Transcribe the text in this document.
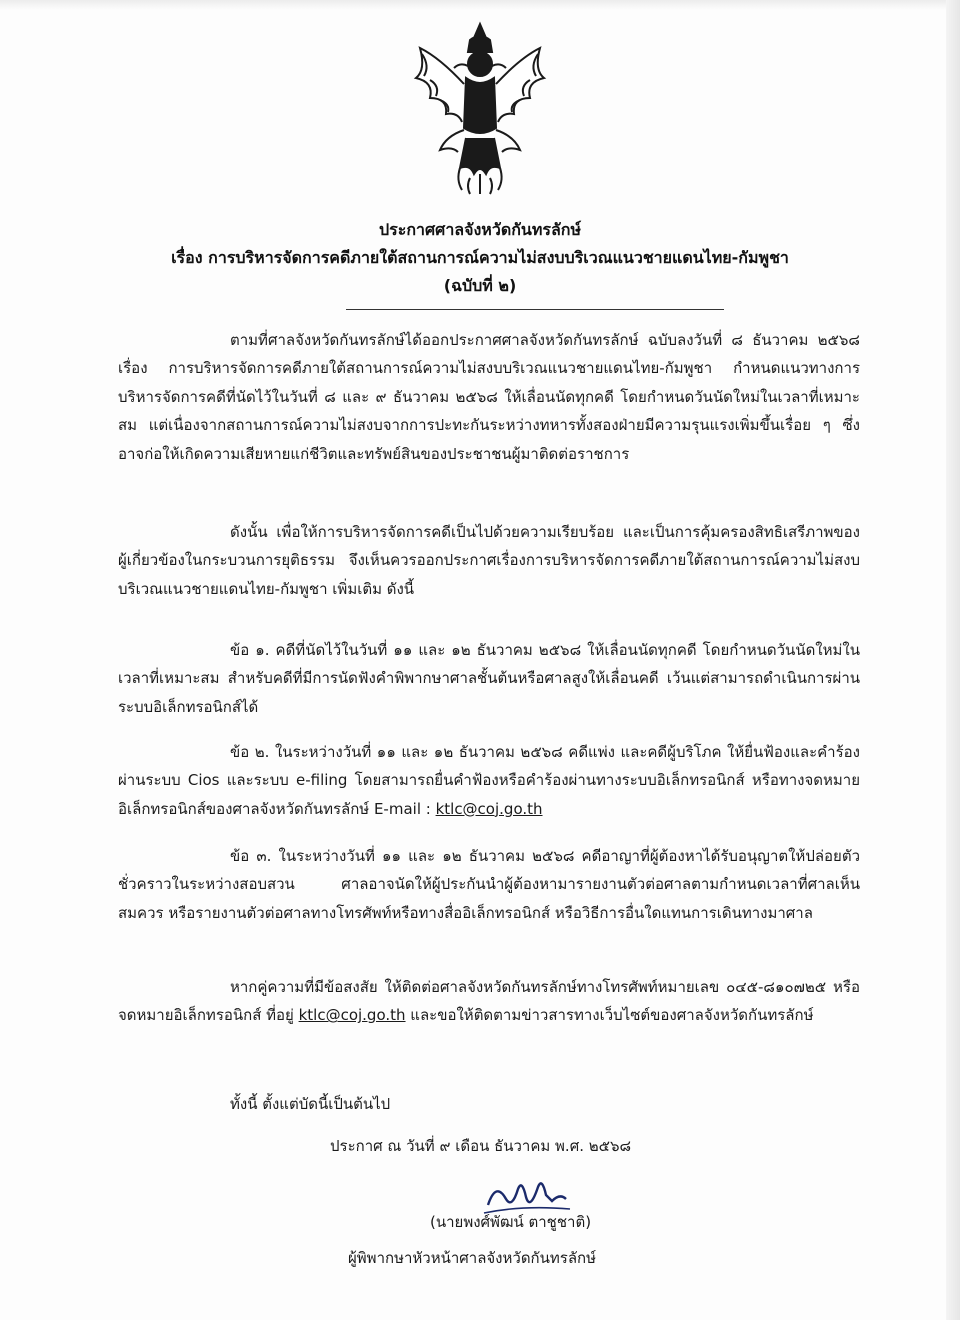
ประกาศศาลจังหวัดกันทรลักษ์
เรื่อง การบริหารจัดการคดีภายใต้สถานการณ์ความไม่สงบบริเวณแนวชายแดนไทย-กัมพูชา
(ฉบับที่ ๒)
ตามที่ศาลจังหวัดกันทรลักษ์ได้ออกประกาศศาลจังหวัดกันทรลักษ์ ฉบับลงวันที่ ๘ ธันวาคม ๒๕๖๘ เรื่อง การบริหารจัดการคดีภายใต้สถานการณ์ความไม่สงบบริเวณแนวชายแดนไทย-กัมพูชา กำหนดแนวทางการบริหารจัดการคดีที่นัดไว้ในวันที่ ๘ และ ๙ ธันวาคม ๒๕๖๘ ให้เลื่อนนัดทุกคดี โดยกำหนดวันนัดใหม่ในเวลาที่เหมาะสม แต่เนื่องจากสถานการณ์ความไม่สงบจากการปะทะกันระหว่างทหารทั้งสองฝ่ายมีความรุนแรงเพิ่มขึ้นเรื่อย ๆ ซึ่งอาจก่อให้เกิดความเสียหายแก่ชีวิตและทรัพย์สินของประชาชนผู้มาติดต่อราชการ
ดังนั้น เพื่อให้การบริหารจัดการคดีเป็นไปด้วยความเรียบร้อย และเป็นการคุ้มครองสิทธิเสรีภาพของผู้เกี่ยวข้องในกระบวนการยุติธรรม จึงเห็นควรออกประกาศเรื่องการบริหารจัดการคดีภายใต้สถานการณ์ความไม่สงบบริเวณแนวชายแดนไทย-กัมพูชา เพิ่มเติม ดังนี้
ข้อ ๑. คดีที่นัดไว้ในวันที่ ๑๑ และ ๑๒ ธันวาคม ๒๕๖๘ ให้เลื่อนนัดทุกคดี โดยกำหนดวันนัดใหม่ในเวลาที่เหมาะสม สำหรับคดีที่มีการนัดฟังคำพิพากษาศาลชั้นต้นหรือศาลสูงให้เลื่อนคดี เว้นแต่สามารถดำเนินการผ่านระบบอิเล็กทรอนิกส์ได้
ข้อ ๒. ในระหว่างวันที่ ๑๑ และ ๑๒ ธันวาคม ๒๕๖๘ คดีแพ่ง และคดีผู้บริโภค ให้ยื่นฟ้องและคำร้องผ่านระบบ Cios และระบบ e-filing โดยสามารถยื่นคำฟ้องหรือคำร้องผ่านทางระบบอิเล็กทรอนิกส์ หรือทางจดหมายอิเล็กทรอนิกส์ของศาลจังหวัดกันทรลักษ์ E-mail : ktlc@coj.go.th
ข้อ ๓. ในระหว่างวันที่ ๑๑ และ ๑๒ ธันวาคม ๒๕๖๘ คดีอาญาที่ผู้ต้องหาได้รับอนุญาตให้ปล่อยตัวชั่วคราวในระหว่างสอบสวน ศาลอาจนัดให้ผู้ประกันนำผู้ต้องหามารายงานตัวต่อศาลตามกำหนดเวลาที่ศาลเห็นสมควร หรือรายงานตัวต่อศาลทางโทรศัพท์หรือทางสื่ออิเล็กทรอนิกส์ หรือวิธีการอื่นใดแทนการเดินทางมาศาล
หากคู่ความที่มีข้อสงสัย ให้ติดต่อศาลจังหวัดกันทรลักษ์ทางโทรศัพท์หมายเลข ๐๔๕-๘๑๐๗๒๕ หรือจดหมายอิเล็กทรอนิกส์ ที่อยู่ ktlc@coj.go.th และขอให้ติดตามข่าวสารทางเว็บไซต์ของศาลจังหวัดกันทรลักษ์
ทั้งนี้ ตั้งแต่บัดนี้เป็นต้นไป
ประกาศ ณ วันที่ ๙ เดือน ธันวาคม พ.ศ. ๒๕๖๘
(นายพงศ์พัฒน์ ตาชูชาติ)
ผู้พิพากษาหัวหน้าศาลจังหวัดกันทรลักษ์
